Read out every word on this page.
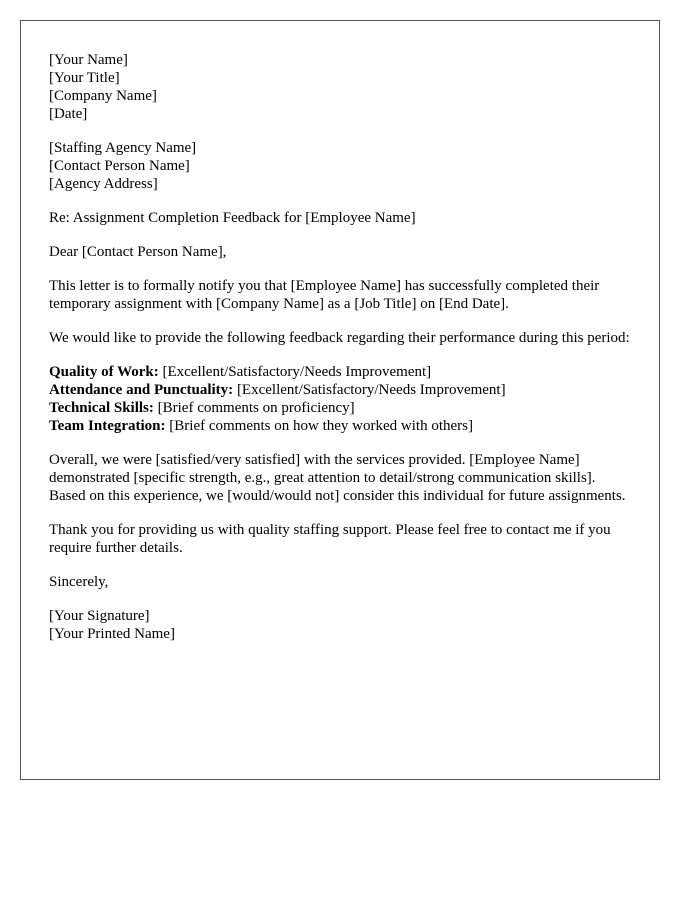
[Your Name]
[Your Title]
[Company Name]
[Date]
[Staffing Agency Name]
[Contact Person Name]
[Agency Address]

Re: Assignment Completion Feedback for [Employee Name]

Dear [Contact Person Name],

This letter is to formally notify you that [Employee Name] has successfully completed their temporary assignment with [Company Name] as a [Job Title] on [End Date].

We would like to provide the following feedback regarding their performance during this period:

Quality of Work: [Excellent/Satisfactory/Needs Improvement]
Attendance and Punctuality: [Excellent/Satisfactory/Needs Improvement]
Technical Skills: [Brief comments on proficiency]
Team Integration: [Brief comments on how they worked with others]

Overall, we were [satisfied/very satisfied] with the services provided. [Employee Name] demonstrated [specific strength, e.g., great attention to detail/strong communication skills]. Based on this experience, we [would/would not] consider this individual for future assignments.

Thank you for providing us with quality staffing support. Please feel free to contact me if you require further details.

Sincerely,

[Your Signature]
[Your Printed Name]
